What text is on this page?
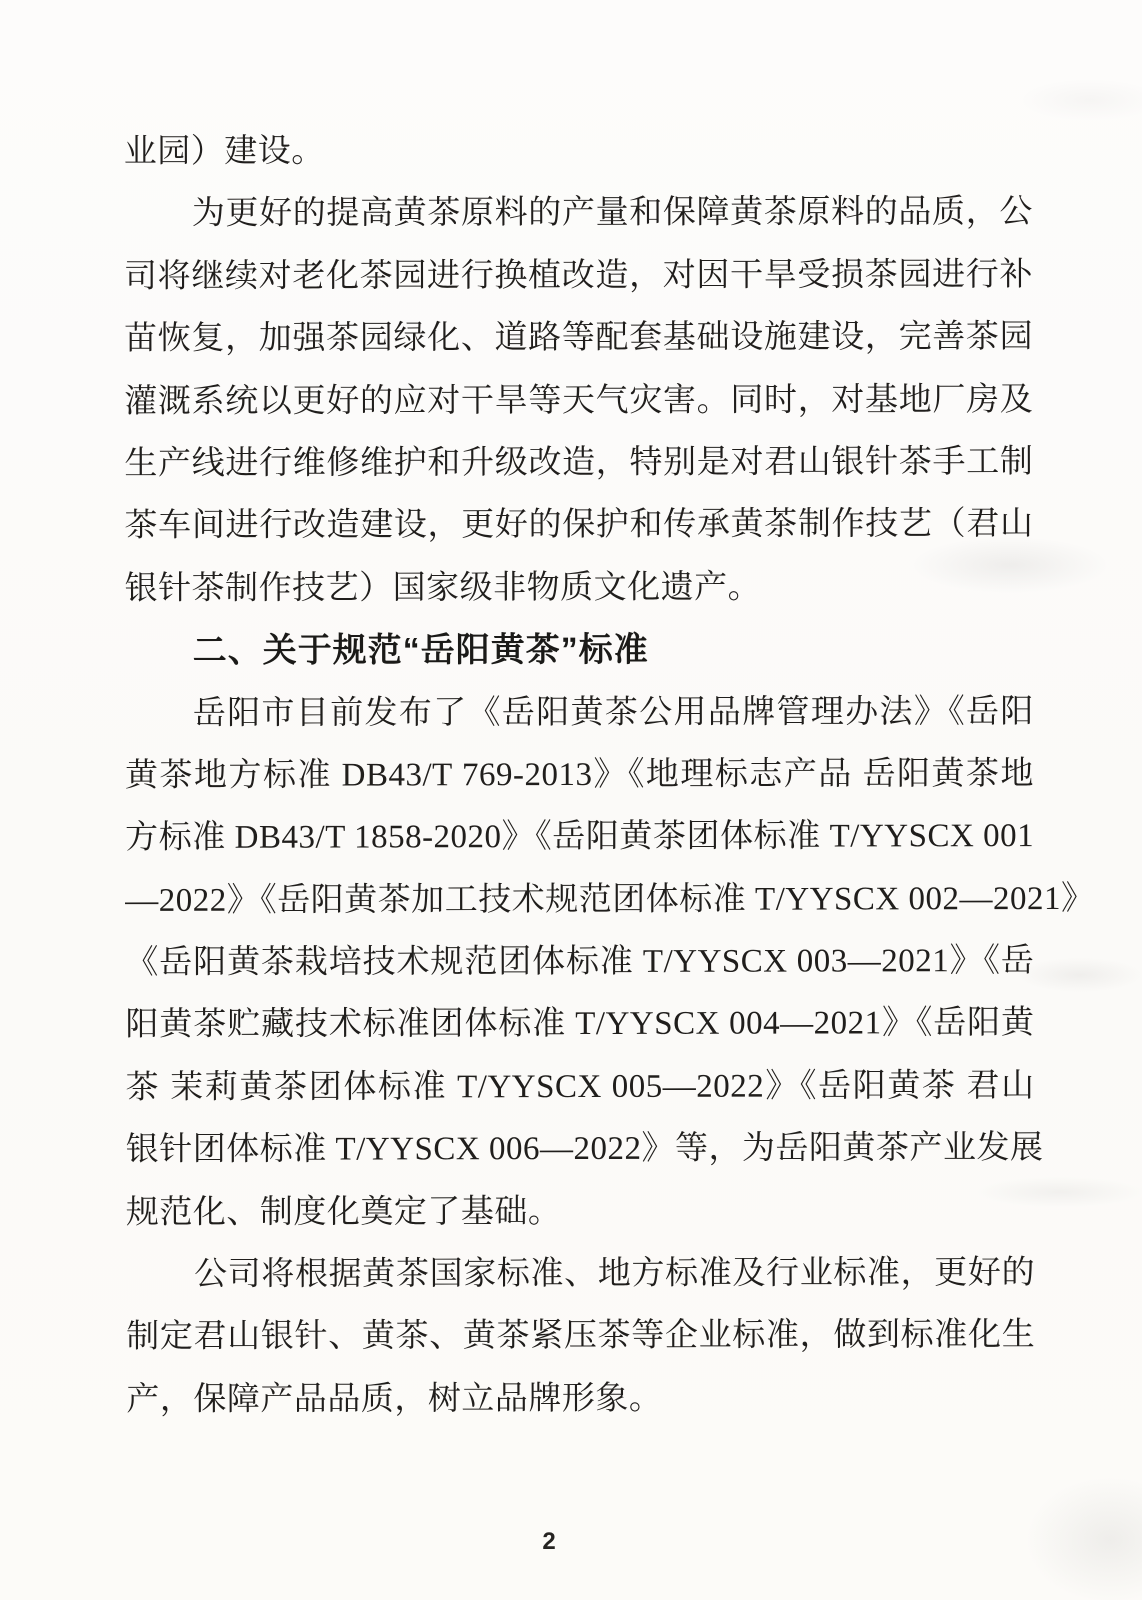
业园）建设。
为更好的提高黄茶原料的产量和保障黄茶原料的品质，公
司将继续对老化茶园进行换植改造，对因干旱受损茶园进行补
苗恢复，加强茶园绿化、道路等配套基础设施建设，完善茶园
灌溉系统以更好的应对干旱等天气灾害。同时，对基地厂房及
生产线进行维修维护和升级改造，特别是对君山银针茶手工制
茶车间进行改造建设，更好的保护和传承黄茶制作技艺（君山
银针茶制作技艺）国家级非物质文化遗产。
二、关于规范“岳阳黄茶”标准
岳阳市目前发布了《岳阳黄茶公用品牌管理办法》《岳阳
黄茶地方标准 DB43/T 769-2013》《地理标志产品 岳阳黄茶地
方标准 DB43/T 1858-2020》《岳阳黄茶团体标准 T/YYSCX 001
—2022》《岳阳黄茶加工技术规范团体标准 T/YYSCX 002—2021》
《岳阳黄茶栽培技术规范团体标准 T/YYSCX 003—2021》《岳
阳黄茶贮藏技术标准团体标准 T/YYSCX 004—2021》《岳阳黄
茶 茉莉黄茶团体标准 T/YYSCX 005—2022》《岳阳黄茶 君山
银针团体标准 T/YYSCX 006—2022》等，为岳阳黄茶产业发展
规范化、制度化奠定了基础。
公司将根据黄茶国家标准、地方标准及行业标准，更好的
制定君山银针、黄茶、黄茶紧压茶等企业标准，做到标准化生
产，保障产品品质，树立品牌形象。
2
